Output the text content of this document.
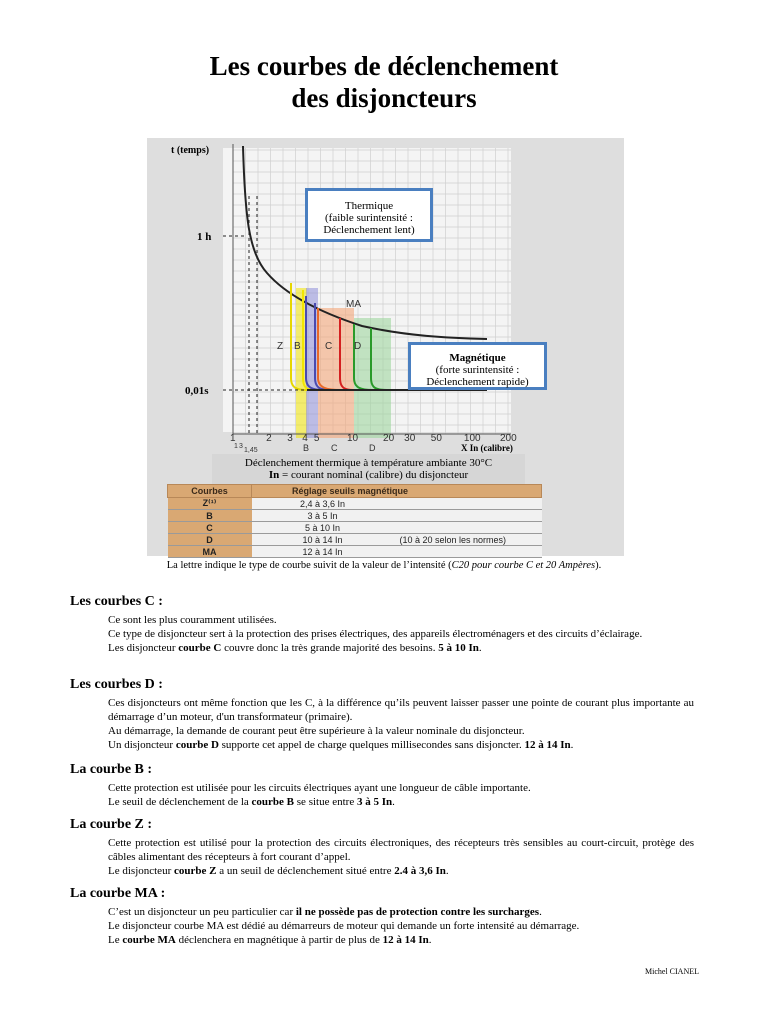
Les courbes de déclenchement
des disjoncteurs
t (temps)
1 h
0,01s
Z B C D
MA
1	2 3 4 5	10 20 30 50 100 200
1 3
1,45	B C	D	X In (calibre)
Thermique
(faible surintensité :
Déclenchement lent)
Magnétique
(forte surintensité :
Déclenchement rapide)
Déclenchement thermique à température ambiante 30°C
In = courant nominal (calibre) du disjoncteur
Courbes	Réglage seuils magnétique	
Z⁽¹⁾	2,4 à 3,6 In	
B	3 à 5 In	
C	5 à 10 In	
D	10 à 14 In	(10 à 20 selon les normes)
MA	12 à 14 In	
La lettre indique le type de courbe suivit de la valeur de l’intensité (C20 pour courbe C et 20 Ampères).
Les courbes C :

Ce sont les plus couramment utilisées.

Ce type de disjoncteur sert à la protection des prises électriques, des appareils électroménagers et des circuits d’éclairage.

Les disjoncteur courbe C couvre donc la très grande majorité des besoins. 5 à 10 In.

Les courbes D :

Ces disjoncteurs ont même fonction que les C, à la différence qu’ils peuvent laisser passer une pointe de courant plus importante au démarrage d’un moteur, d'un transformateur (primaire).

Au démarrage, la demande de courant peut être supérieure à la valeur nominale du disjoncteur.

Un disjoncteur courbe D supporte cet appel de charge quelques millisecondes sans disjoncter. 12 à 14 In.

La courbe B :

Cette protection est utilisée pour les circuits électriques ayant une longueur de câble importante.

Le seuil de déclenchement de la courbe B se situe entre 3 à 5 In.

La courbe Z :

Cette protection est utilisé pour la protection des circuits électroniques, des récepteurs très sensibles au court-circuit, protège des câbles alimentant des récepteurs à fort courant d’appel.

Le disjoncteur courbe Z a un seuil de déclenchement situé entre 2.4 à 3,6 In.

La courbe MA :

C’est un disjoncteur un peu particulier car il ne possède pas de protection contre les surcharges.

Le disjoncteur courbe MA est dédié au démarreurs de moteur qui demande un forte intensité au démarrage.

Le courbe MA déclenchera en magnétique à partir de plus de 12 à 14 In.

Michel CIANEL
